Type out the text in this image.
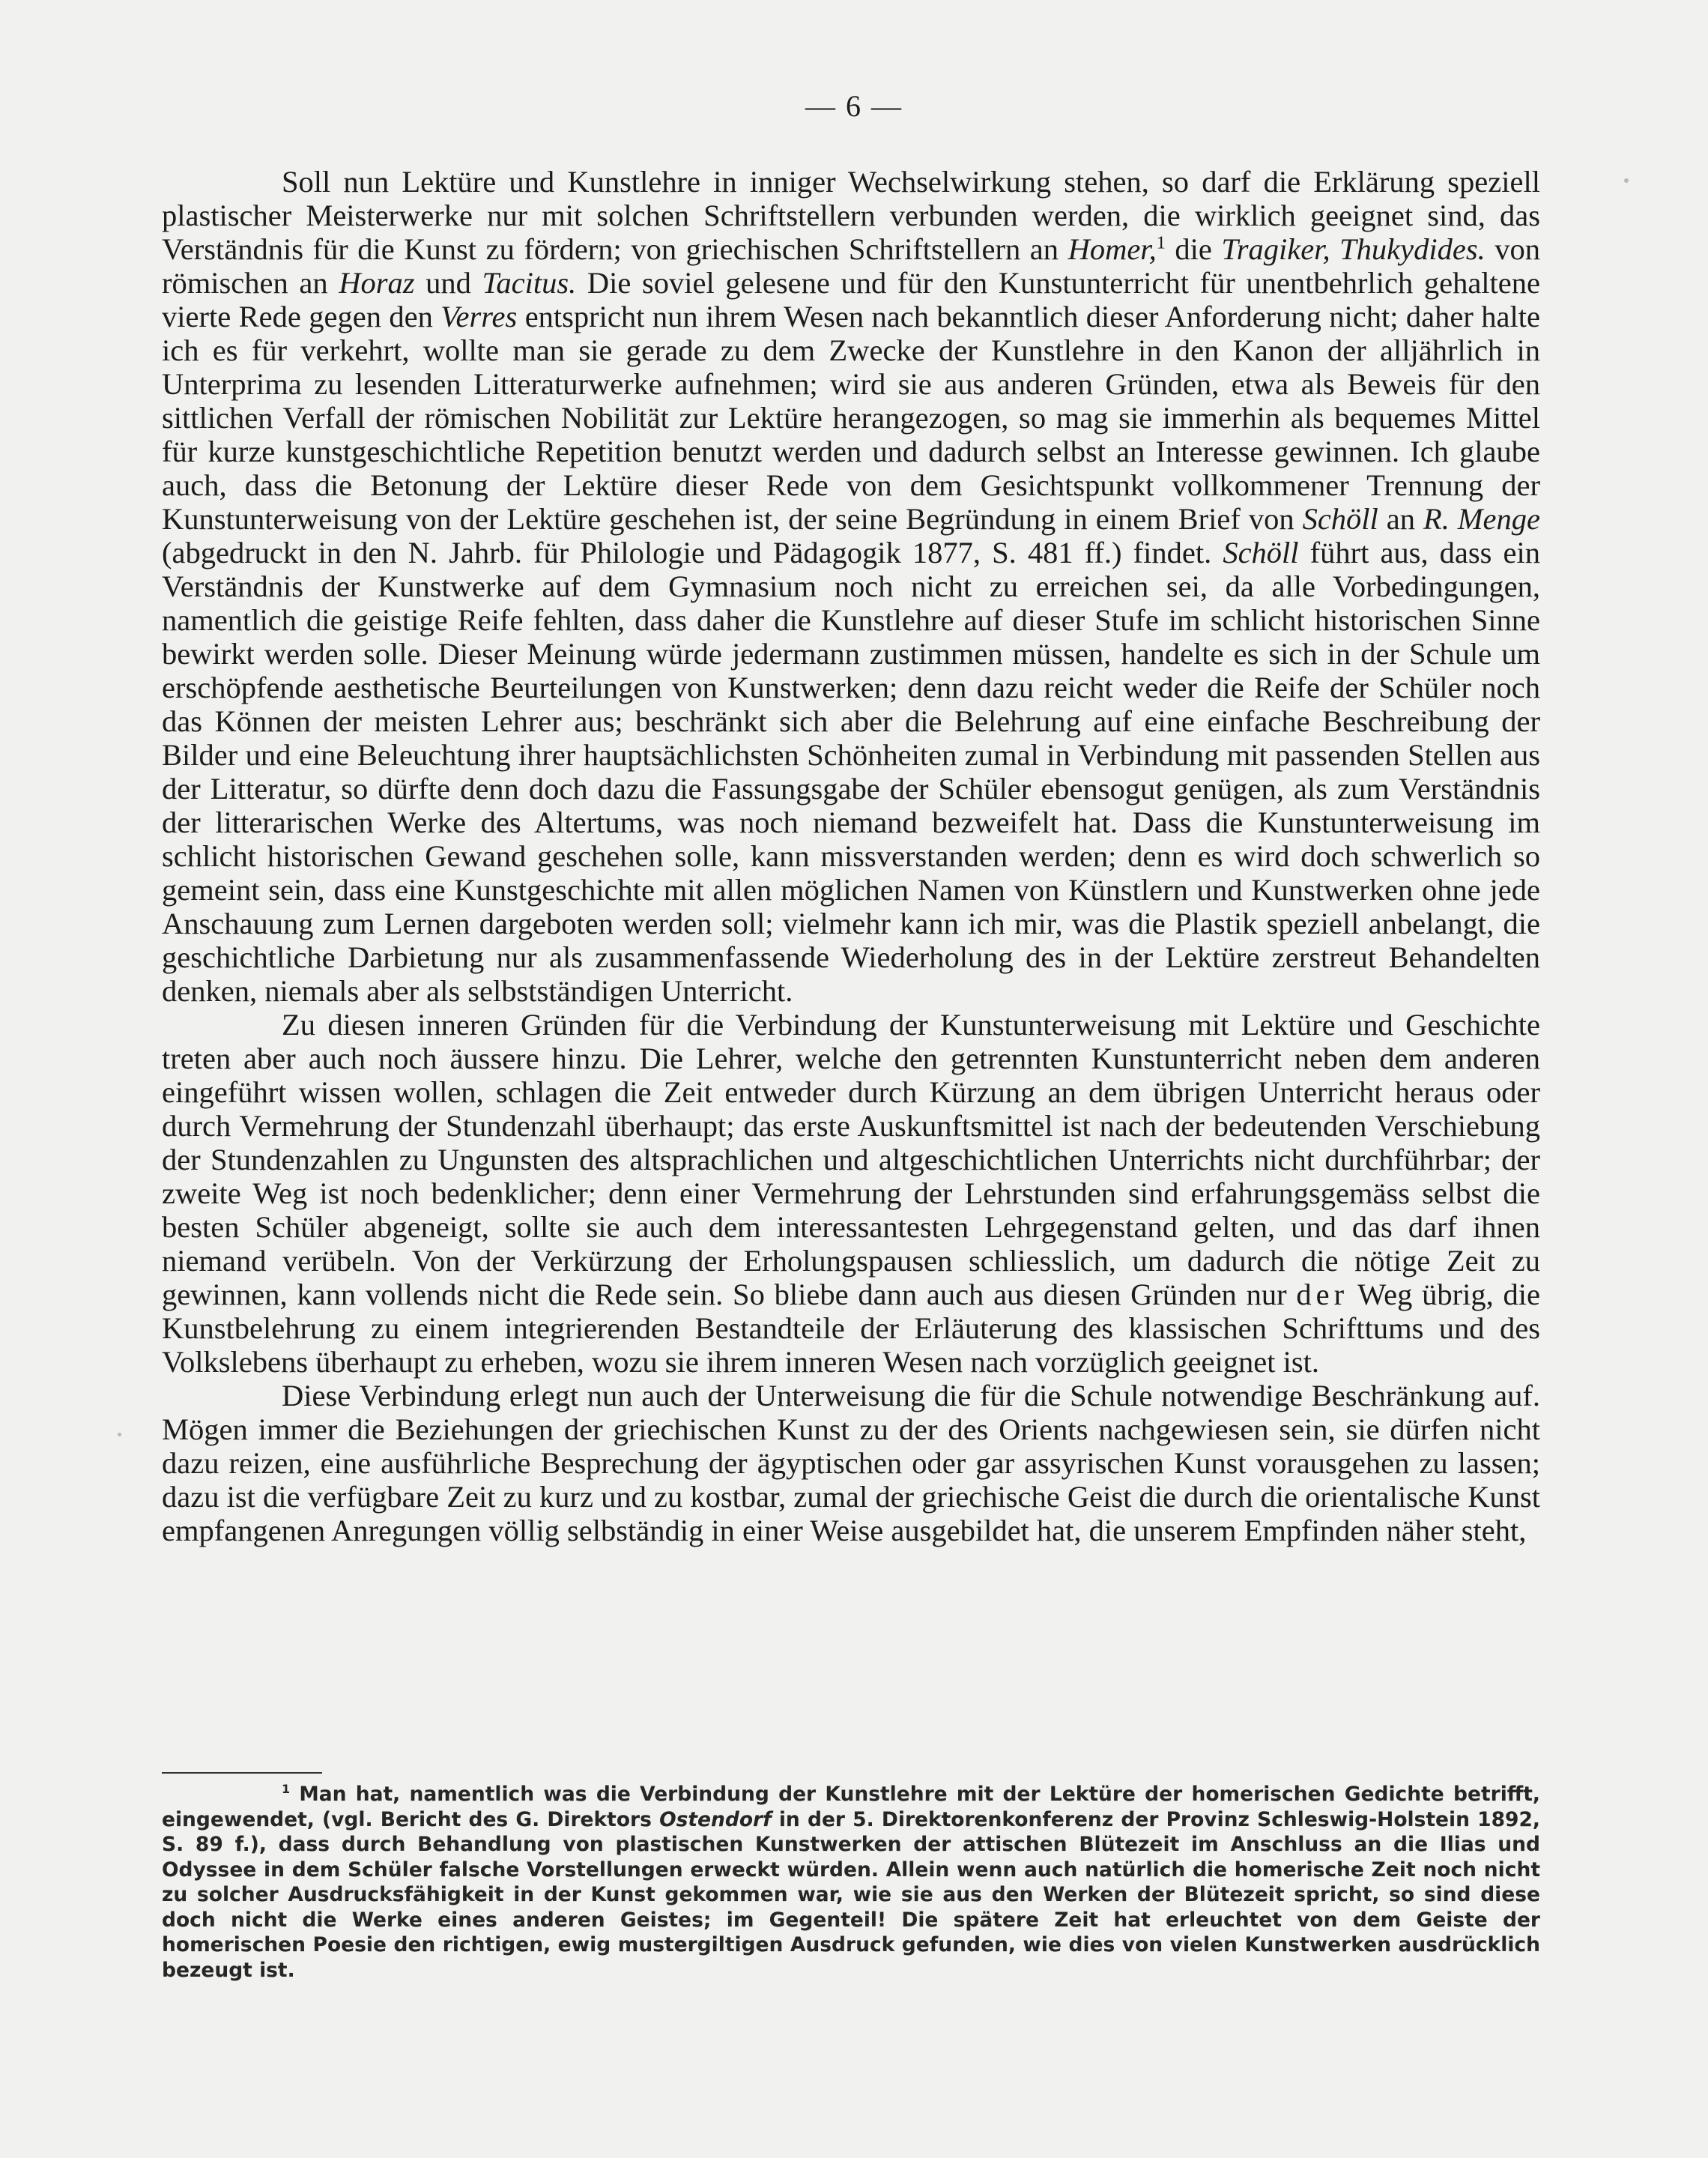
— 6 —

Soll nun Lektüre und Kunstlehre in inniger Wechselwirkung stehen, so darf die Erklärung speziell plastischer Meisterwerke nur mit solchen Schriftstellern verbunden werden, die wirklich geeignet sind, das Verständnis für die Kunst zu fördern; von griechischen Schriftstellern an Homer,$^1$ die Tragiker, Thukydides. von römischen an Horaz und Tacitus. Die soviel gelesene und für den Kunstunterricht für unentbehrlich gehaltene vierte Rede gegen den Verres entspricht nun ihrem Wesen nach bekanntlich dieser Anforderung nicht; daher halte ich es für verkehrt, wollte man sie gerade zu dem Zwecke der Kunstlehre in den Kanon der alljährlich in Unterprima zu lesenden Litteraturwerke aufnehmen; wird sie aus anderen Gründen, etwa als Beweis für den sittlichen Verfall der römischen Nobilität zur Lektüre herangezogen, so mag sie immerhin als bequemes Mittel für kurze kunstgeschichtliche Repetition benutzt werden und dadurch selbst an Interesse gewinnen. Ich glaube auch, dass die Betonung der Lektüre dieser Rede von dem Gesichtspunkt vollkommener Trennung der Kunstunterweisung von der Lektüre geschehen ist, der seine Begründung in einem Brief von Schöll an R. Menge (abgedruckt in den N. Jahrb. für Philologie und Pädagogik 1877, S. 481 ff.) findet. Schöll führt aus, dass ein Verständnis der Kunstwerke auf dem Gymnasium noch nicht zu erreichen sei, da alle Vorbedingungen, namentlich die geistige Reife fehlten, dass daher die Kunstlehre auf dieser Stufe im schlicht historischen Sinne bewirkt werden solle. Dieser Meinung würde jedermann zustimmen müssen, handelte es sich in der Schule um erschöpfende aesthetische Beurteilungen von Kunstwerken; denn dazu reicht weder die Reife der Schüler noch das Können der meisten Lehrer aus; beschränkt sich aber die Belehrung auf eine einfache Beschreibung der Bilder und eine Beleuchtung ihrer hauptsächlichsten Schönheiten zumal in Verbindung mit passenden Stellen aus der Litteratur, so dürfte denn doch dazu die Fassungsgabe der Schüler ebensogut genügen, als zum Verständnis der litterarischen Werke des Altertums, was noch niemand bezweifelt hat. Dass die Kunstunterweisung im schlicht historischen Gewand geschehen solle, kann missverstanden werden; denn es wird doch schwerlich so gemeint sein, dass eine Kunstgeschichte mit allen möglichen Namen von Künstlern und Kunstwerken ohne jede Anschauung zum Lernen dargeboten werden soll; vielmehr kann ich mir, was die Plastik speziell anbelangt, die geschichtliche Darbietung nur als zusammenfassende Wiederholung des in der Lektüre zerstreut Behandelten denken, niemals aber als selbstständigen Unterricht.

Zu diesen inneren Gründen für die Verbindung der Kunstunterweisung mit Lektüre und Geschichte treten aber auch noch äussere hinzu. Die Lehrer, welche den getrennten Kunstunterricht neben dem anderen eingeführt wissen wollen, schlagen die Zeit entweder durch Kürzung an dem übrigen Unterricht heraus oder durch Vermehrung der Stundenzahl überhaupt; das erste Auskunftsmittel ist nach der bedeutenden Verschiebung der Stundenzahlen zu Ungunsten des altsprachlichen und altgeschichtlichen Unterrichts nicht durchführbar; der zweite Weg ist noch bedenklicher; denn einer Vermehrung der Lehrstunden sind erfahrungsgemäss selbst die besten Schüler abgeneigt, sollte sie auch dem interessantesten Lehrgegenstand gelten, und das darf ihnen niemand verübeln. Von der Verkürzung der Erholungspausen schliesslich, um dadurch die nötige Zeit zu gewinnen, kann vollends nicht die Rede sein. So bliebe dann auch aus diesen Gründen nur der Weg übrig, die Kunstbelehrung zu einem integrierenden Bestandteile der Erläuterung des klassischen Schrifttums und des Volkslebens überhaupt zu erheben, wozu sie ihrem inneren Wesen nach vorzüglich geeignet ist.

Diese Verbindung erlegt nun auch der Unterweisung die für die Schule notwendige Beschränkung auf. Mögen immer die Beziehungen der griechischen Kunst zu der des Orients nachgewiesen sein, sie dürfen nicht dazu reizen, eine ausführliche Besprechung der ägyptischen oder gar assyrischen Kunst vorausgehen zu lassen; dazu ist die verfügbare Zeit zu kurz und zu kostbar, zumal der griechische Geist die durch die orientalische Kunst empfangenen Anregungen völlig selbständig in einer Weise ausgebildet hat, die unserem Empfinden näher steht,

$^1$ Man hat, namentlich was die Verbindung der Kunstlehre mit der Lektüre der homerischen Gedichte betrifft, eingewendet, (vgl. Bericht des G. Direktors Ostendorf in der 5. Direktorenkonferenz der Provinz Schleswig-Holstein 1892, S. 89 f.), dass durch Behandlung von plastischen Kunstwerken der attischen Blütezeit im Anschluss an die Ilias und Odyssee in dem Schüler falsche Vorstellungen erweckt würden. Allein wenn auch natürlich die homerische Zeit noch nicht zu solcher Ausdrucksfähigkeit in der Kunst gekommen war, wie sie aus den Werken der Blütezeit spricht, so sind diese doch nicht die Werke eines anderen Geistes; im Gegenteil! Die spätere Zeit hat erleuchtet von dem Geiste der homerischen Poesie den richtigen, ewig mustergiltigen Ausdruck gefunden, wie dies von vielen Kunstwerken ausdrücklich bezeugt ist.
